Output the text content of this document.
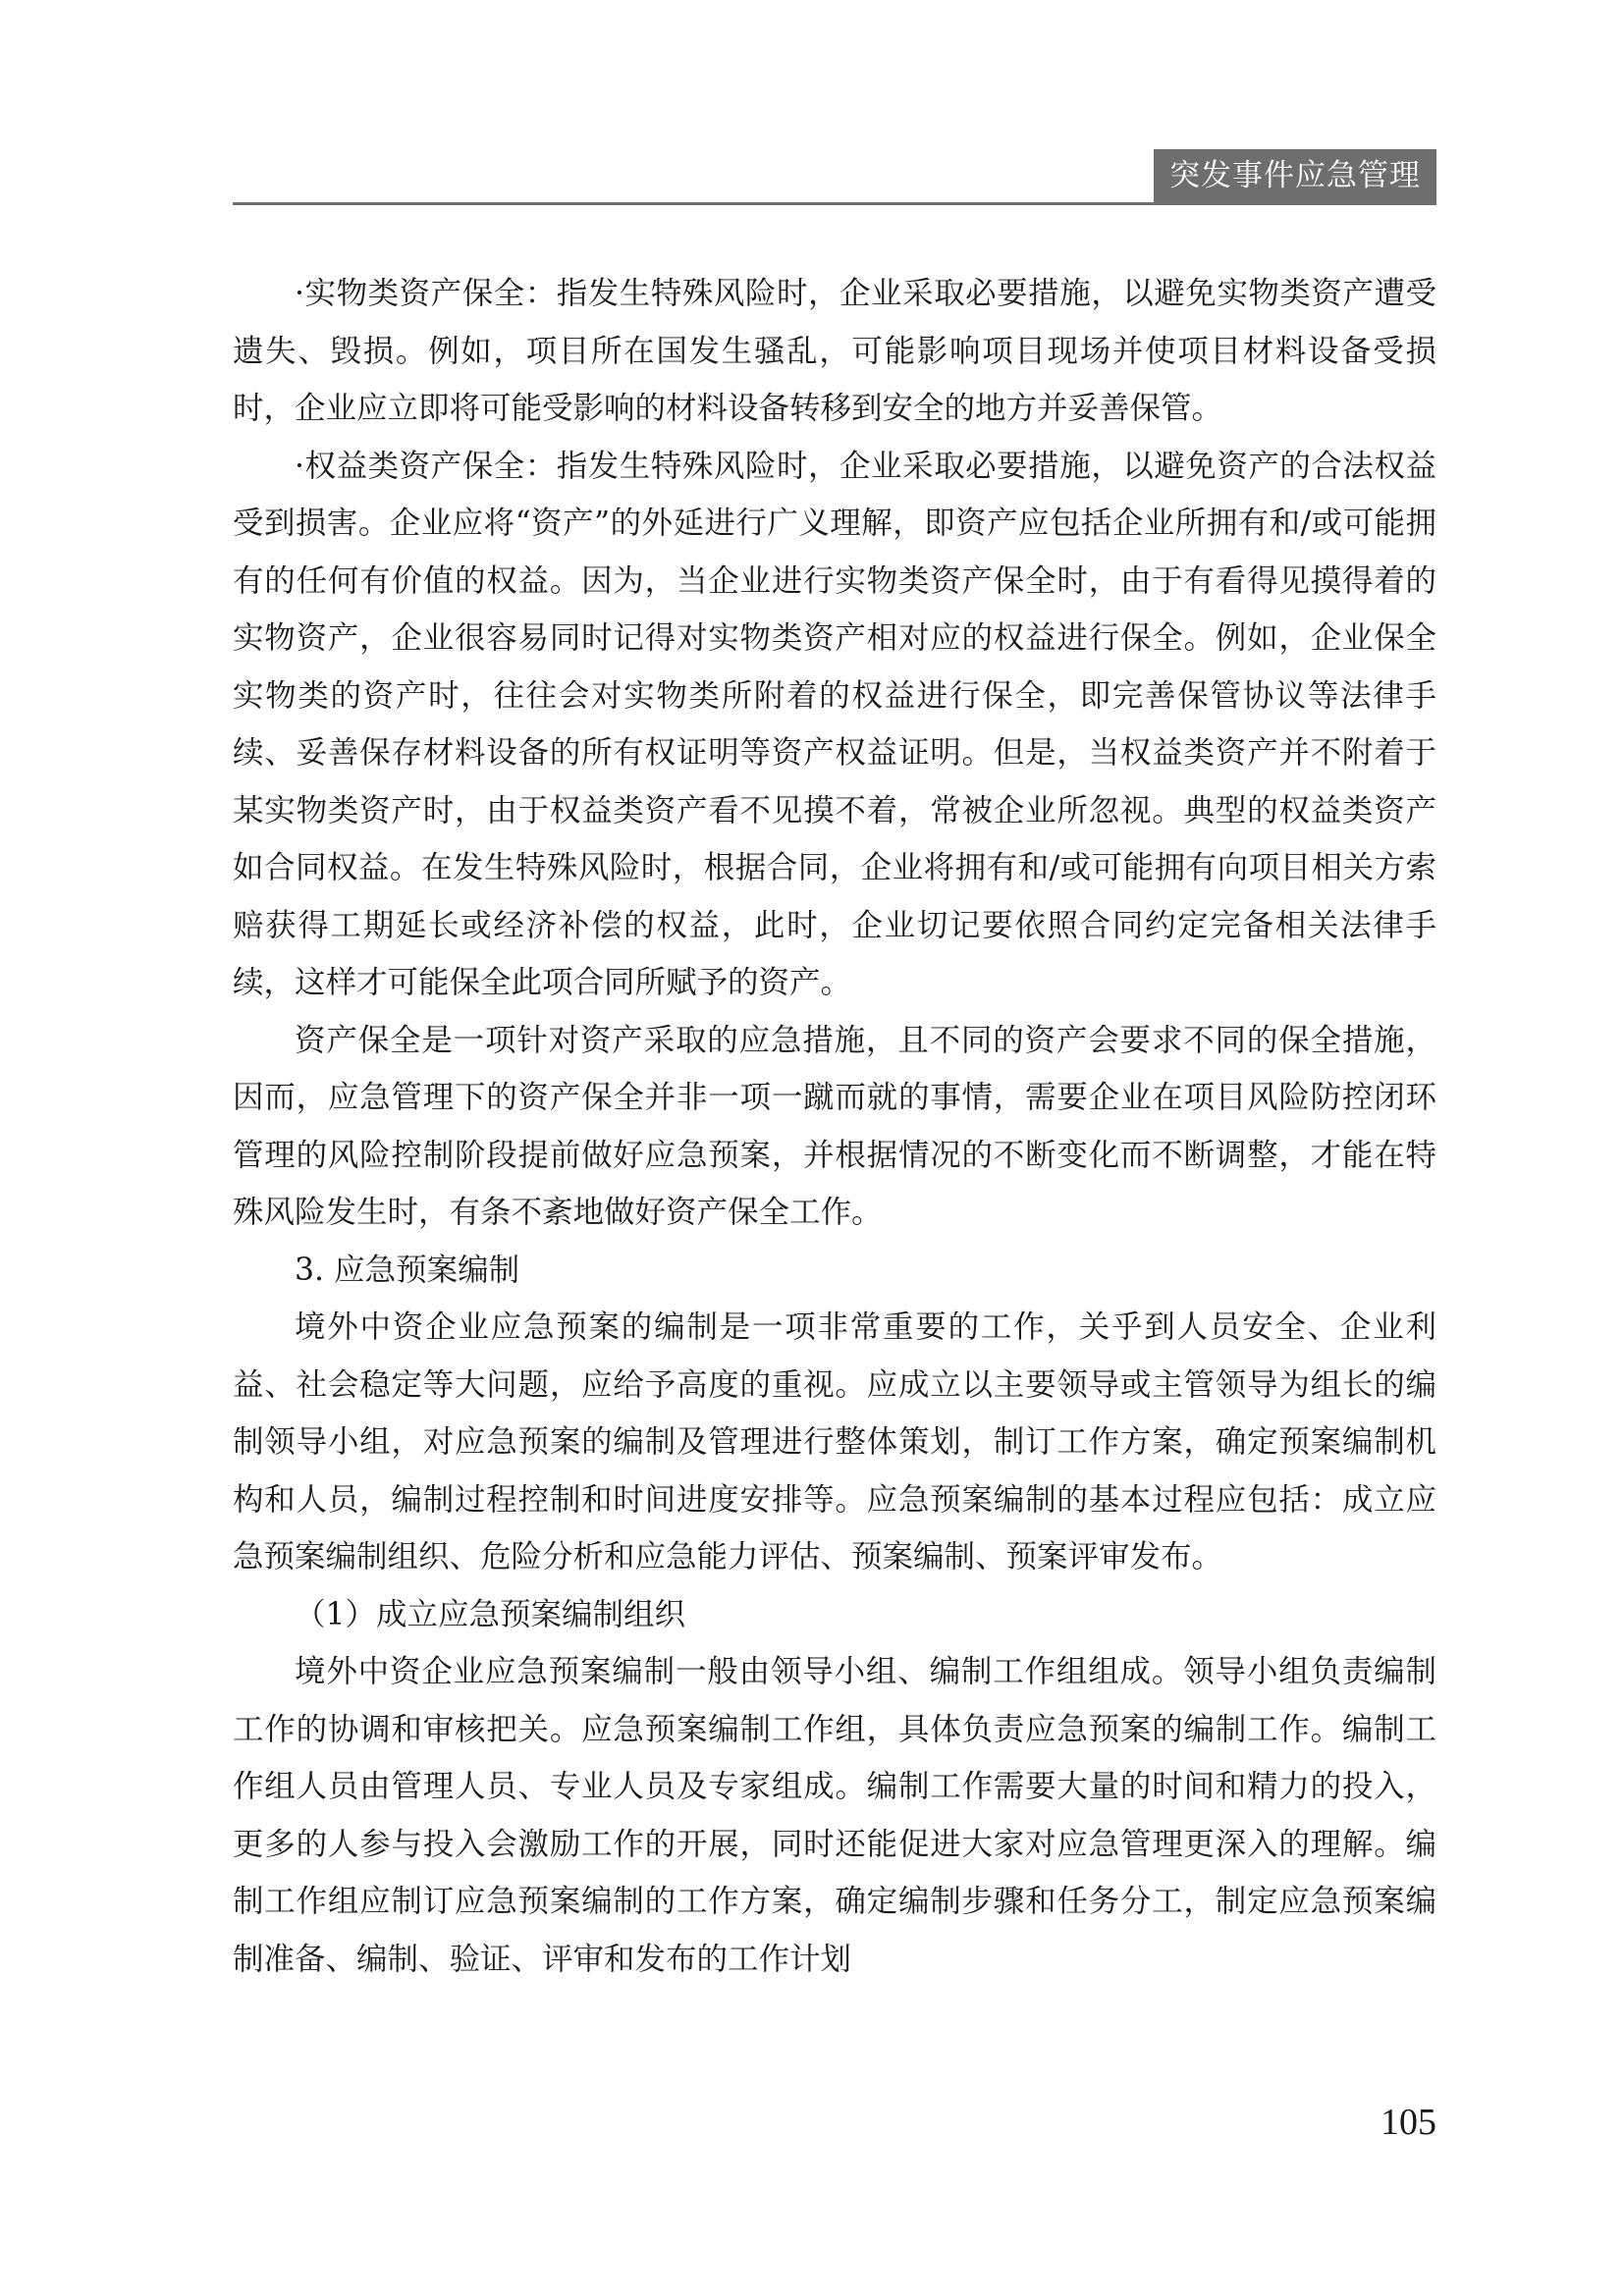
突发事件应急管理

·实物类资产保全：指发生特殊风险时，企业采取必要措施，以避免实物类资产遭受遗失、毁损。例如，项目所在国发生骚乱，可能影响项目现场并使项目材料设备受损时，企业应立即将可能受影响的材料设备转移到安全的地方并妥善保管。

·权益类资产保全：指发生特殊风险时，企业采取必要措施，以避免资产的合法权益受到损害。企业应将“资产”的外延进行广义理解，即资产应包括企业所拥有和/或可能拥有的任何有价值的权益。因为，当企业进行实物类资产保全时，由于有看得见摸得着的实物资产，企业很容易同时记得对实物类资产相对应的权益进行保全。例如，企业保全实物类的资产时，往往会对实物类所附着的权益进行保全，即完善保管协议等法律手续、妥善保存材料设备的所有权证明等资产权益证明。但是，当权益类资产并不附着于某实物类资产时，由于权益类资产看不见摸不着，常被企业所忽视。典型的权益类资产如合同权益。在发生特殊风险时，根据合同，企业将拥有和/或可能拥有向项目相关方索赔获得工期延长或经济补偿的权益，此时，企业切记要依照合同约定完备相关法律手续，这样才可能保全此项合同所赋予的资产。

资产保全是一项针对资产采取的应急措施，且不同的资产会要求不同的保全措施，因而，应急管理下的资产保全并非一项一蹴而就的事情，需要企业在项目风险防控闭环管理的风险控制阶段提前做好应急预案，并根据情况的不断变化而不断调整，才能在特殊风险发生时，有条不紊地做好资产保全工作。

3. 应急预案编制

境外中资企业应急预案的编制是一项非常重要的工作，关乎到人员安全、企业利益、社会稳定等大问题，应给予高度的重视。应成立以主要领导或主管领导为组长的编制领导小组，对应急预案的编制及管理进行整体策划，制订工作方案，确定预案编制机构和人员，编制过程控制和时间进度安排等。应急预案编制的基本过程应包括：成立应急预案编制组织、危险分析和应急能力评估、预案编制、预案评审发布。

（1）成立应急预案编制组织

境外中资企业应急预案编制一般由领导小组、编制工作组组成。领导小组负责编制工作的协调和审核把关。应急预案编制工作组，具体负责应急预案的编制工作。编制工作组人员由管理人员、专业人员及专家组成。编制工作需要大量的时间和精力的投入，更多的人参与投入会激励工作的开展，同时还能促进大家对应急管理更深入的理解。编制工作组应制订应急预案编制的工作方案，确定编制步骤和任务分工，制定应急预案编制准备、编制、验证、评审和发布的工作计划

105
